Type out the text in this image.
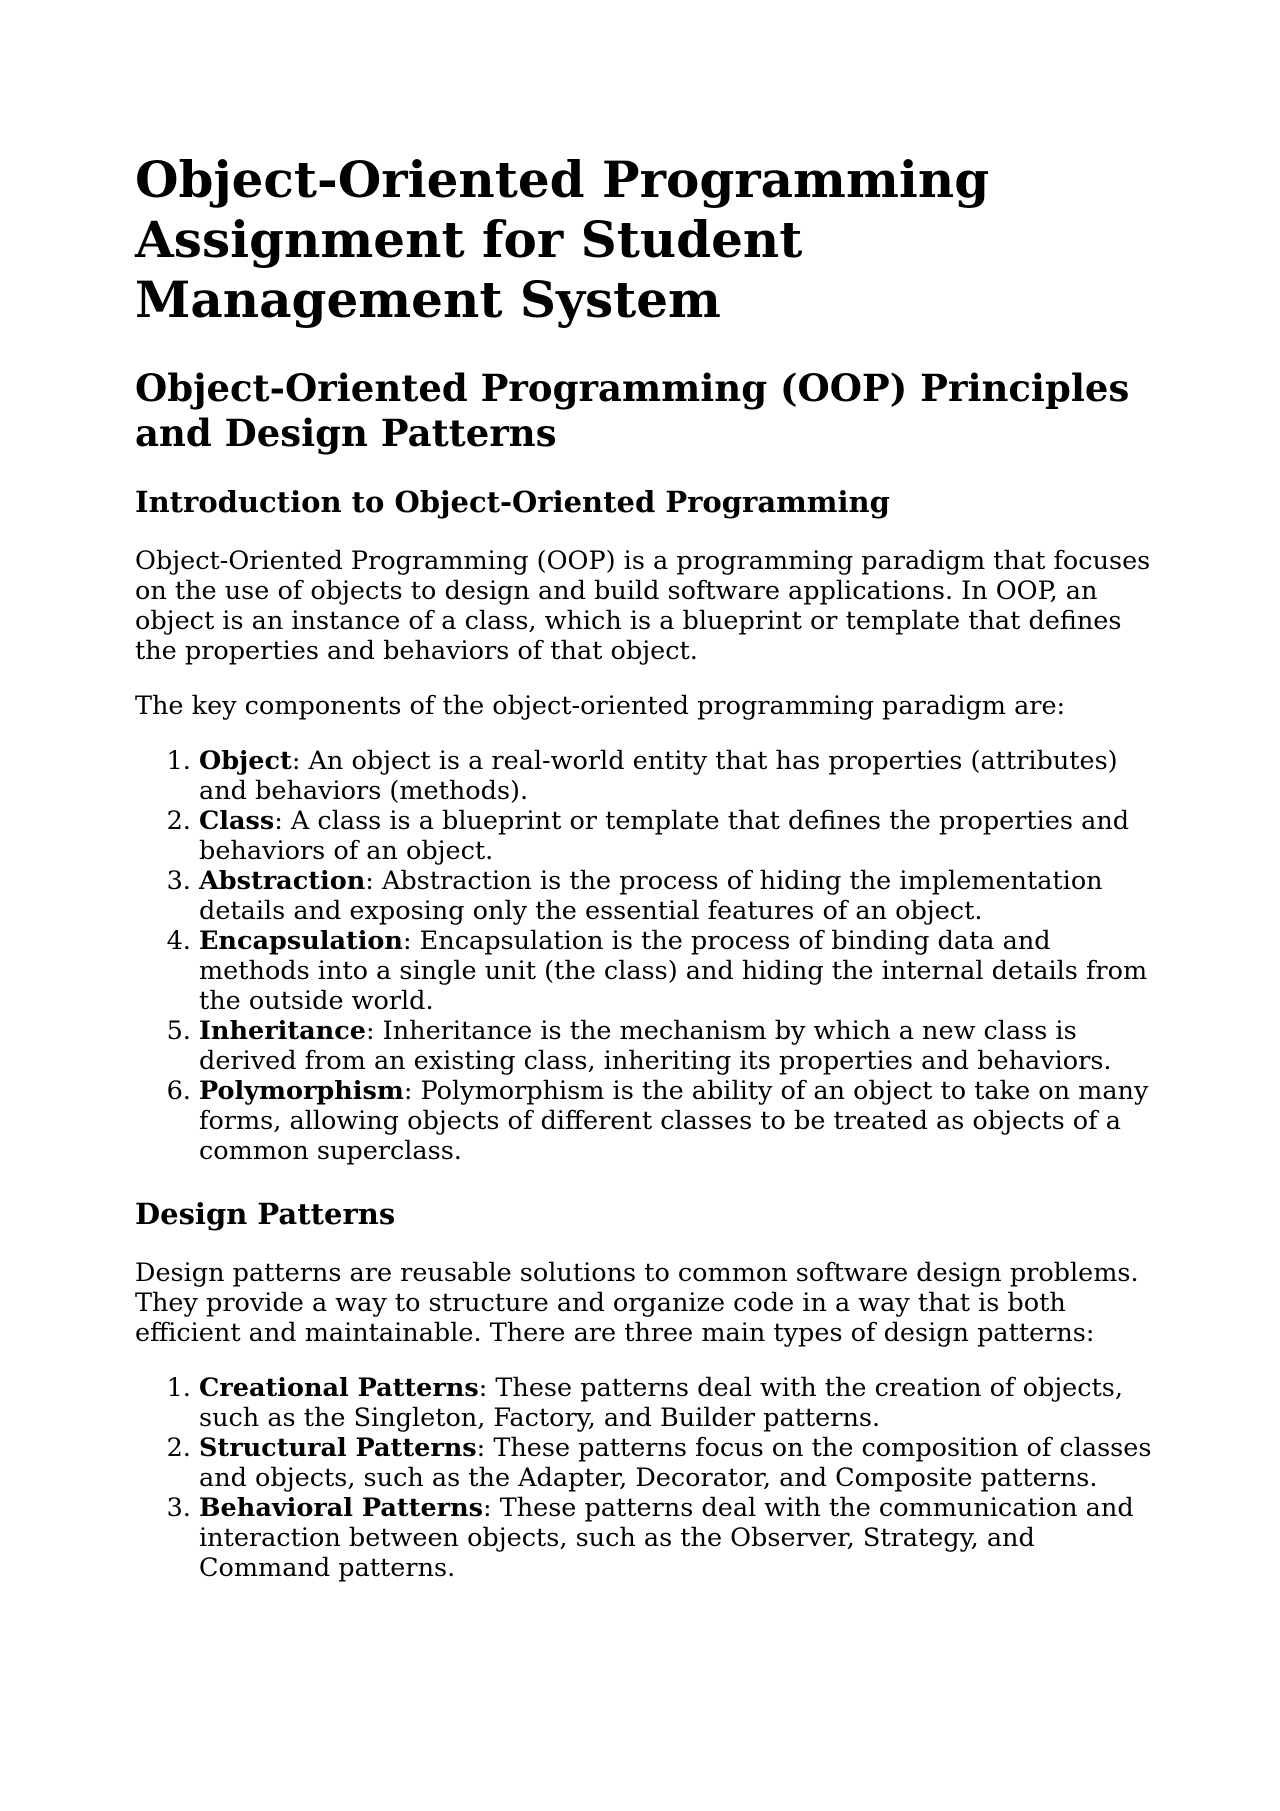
Object-Oriented Programming Assignment for Student Management System
Object-Oriented Programming (OOP) Principles and Design Patterns
Introduction to Object-Oriented Programming

Object-Oriented Programming (OOP) is a programming paradigm that focuses on the use of objects to design and build software applications. In OOP, an object is an instance of a class, which is a blueprint or template that defines the properties and behaviors of that object.

The key components of the object-oriented programming paradigm are:

1. Object: An object is a real-world entity that has properties (attributes) and behaviors (methods).
2. Class: A class is a blueprint or template that defines the properties and behaviors of an object.
3. Abstraction: Abstraction is the process of hiding the implementation details and exposing only the essential features of an object.
4. Encapsulation: Encapsulation is the process of binding data and methods into a single unit (the class) and hiding the internal details from the outside world.
5. Inheritance: Inheritance is the mechanism by which a new class is derived from an existing class, inheriting its properties and behaviors.
6. Polymorphism: Polymorphism is the ability of an object to take on many forms, allowing objects of different classes to be treated as objects of a common superclass.
Design Patterns

Design patterns are reusable solutions to common software design problems. They provide a way to structure and organize code in a way that is both efficient and maintainable. There are three main types of design patterns:

1. Creational Patterns: These patterns deal with the creation of objects, such as the Singleton, Factory, and Builder patterns.
2. Structural Patterns: These patterns focus on the composition of classes and objects, such as the Adapter, Decorator, and Composite patterns.
3. Behavioral Patterns: These patterns deal with the communication and interaction between objects, such as the Observer, Strategy, and Command patterns.
